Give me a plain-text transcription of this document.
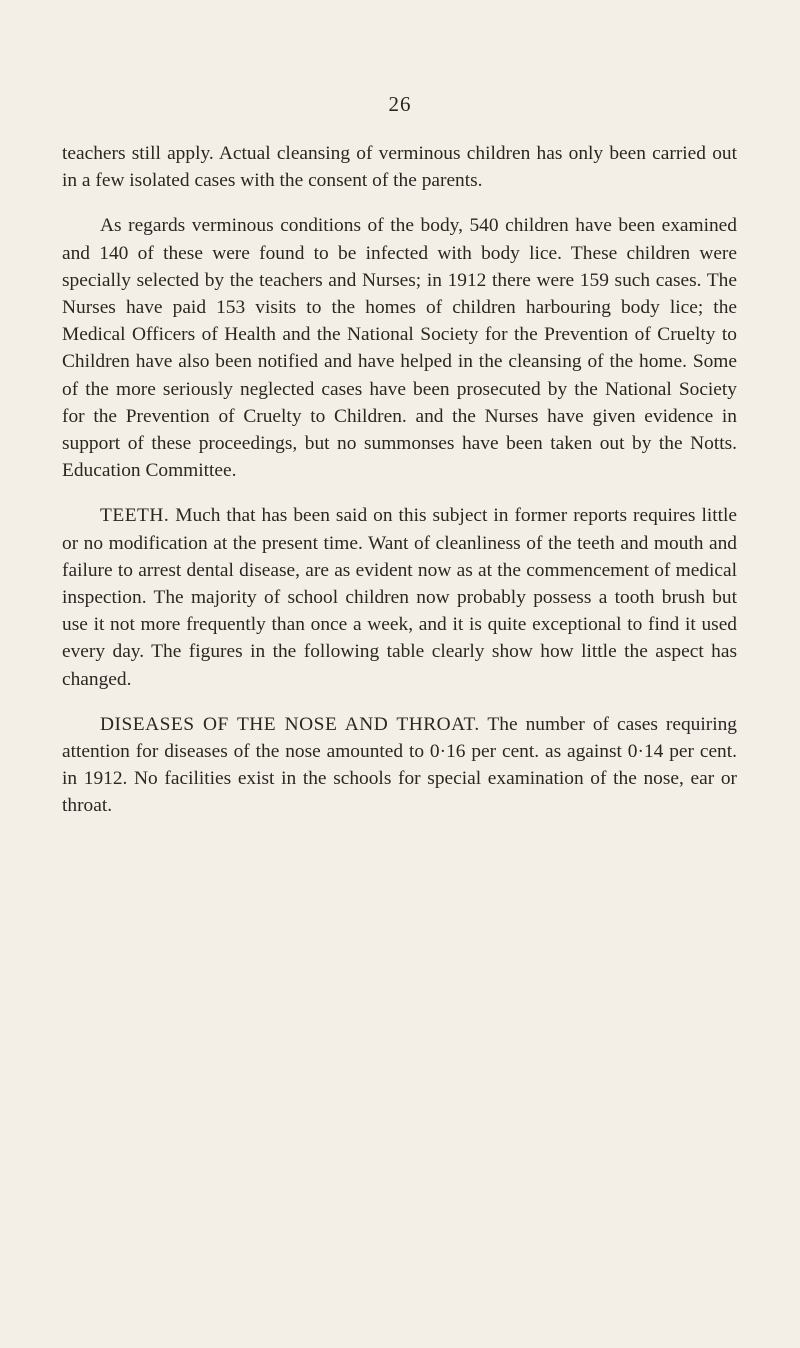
26

teachers still apply. Actual cleansing of verminous children has only been carried out in a few isolated cases with the consent of the parents.

As regards verminous conditions of the body, 540 children have been examined and 140 of these were found to be infected with body lice. These children were specially selected by the teachers and Nurses; in 1912 there were 159 such cases. The Nurses have paid 153 visits to the homes of children harbouring body lice; the Medical Officers of Health and the National Society for the Prevention of Cruelty to Children have also been notified and have helped in the cleansing of the home. Some of the more seriously neglected cases have been prosecuted by the National Society for the Prevention of Cruelty to Children. and the Nurses have given evidence in support of these proceedings, but no summonses have been taken out by the Notts. Education Committee.

TEETH. Much that has been said on this subject in former reports requires little or no modification at the present time. Want of cleanliness of the teeth and mouth and failure to arrest dental disease, are as evident now as at the commencement of medical inspection. The majority of school children now probably possess a tooth brush but use it not more frequently than once a week, and it is quite exceptional to find it used every day. The figures in the following table clearly show how little the aspect has changed.

DISEASES OF THE NOSE AND THROAT. The number of cases requiring attention for diseases of the nose amounted to 0·16 per cent. as against 0·14 per cent. in 1912. No facilities exist in the schools for special examination of the nose, ear or throat.
